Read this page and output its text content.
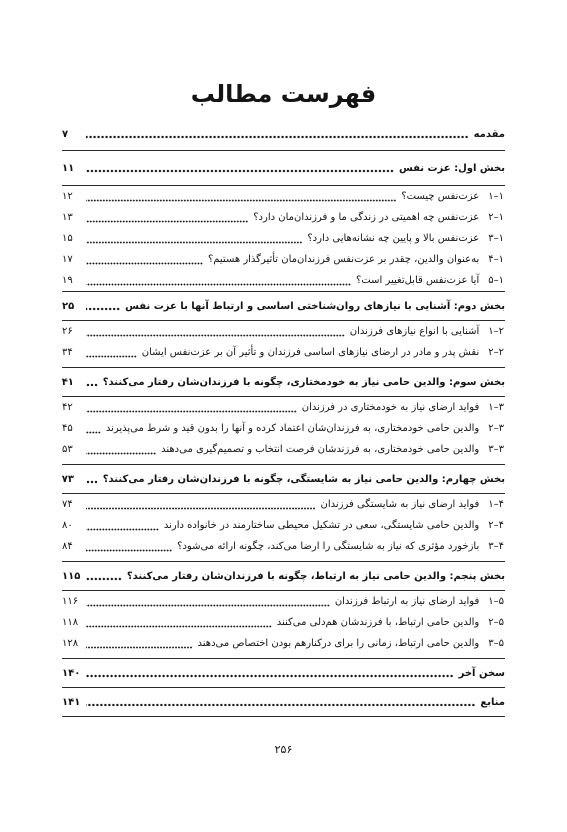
فهرست مطالب
مقدمه
۷
بخش اول: عزت نفس
۱۱
۱–۱
عزت‌نفس چیست؟
۱۲
۱–۲
عزت‌نفس چه اهمیتی در زندگی ما و فرزندان‌مان دارد؟
۱۳
۱–۳
عزت‌نفس بالا و پایین چه نشانه‌هایی دارد؟
۱۵
۱–۴
به‌عنوان والدین، چقدر بر عزت‌نفس فرزندان‌مان تأثیرگذار هستیم؟
۱۷
۱–۵
آیا عزت‌نفس قابل‌تغییر است؟
۱۹
بخش دوم: آشنایی با نیازهای روان‌شناختی اساسی و ارتباط آنها با عزت نفس
۲۵
۲–۱
آشنایی با انواع نیازهای فرزندان
۲۶
۲–۲
نقش پدر و مادر در ارضای نیازهای اساسی فرزندان و تأثیر آن بر عزت‌نفس ایشان
۳۴
بخش سوم: والدین حامی نیاز به خودمختاری، چگونه با فرزندان‌شان رفتار می‌کنند؟
۴۱
۳–۱
فواید ارضای نیاز به خودمختاری در فرزندان
۴۲
۳–۲
والدین حامی خودمختاری، به فرزندان‌شان اعتماد کرده و آنها را بدون قید و شرط می‌پذیرند
۴۵
۳–۳
والدین حامی خودمختاری، به فرزندشان فرصت انتخاب و تصمیم‌گیری می‌دهند
۵۳
بخش چهارم: والدین حامی نیاز به شایستگی، چگونه با فرزندان‌شان رفتار می‌کنند؟
۷۳
۴–۱
فواید ارضای نیاز به شایستگی فرزندان
۷۴
۴–۲
والدین حامی شایستگی، سعی در تشکیل محیطی ساختارمند در خانواده دارند
۸۰
۴–۳
بازخورد مؤثری که نیاز به شایستگی را ارضا می‌کند، چگونه ارائه می‌شود؟
۸۴
بخش پنجم: والدین حامی نیاز به ارتباط، چگونه با فرزندان‌شان رفتار می‌کنند؟
۱۱۵
۵–۱
فواید ارضای نیاز به ارتباط فرزندان
۱۱۶
۵–۲
والدین حامی ارتباط، با فرزندشان هم‌دلی می‌کنند
۱۱۸
۵–۳
والدین حامی ارتباط، زمانی را برای درکنارهم بودن اختصاص می‌دهند
۱۲۸
سخن آخر
۱۴۰
منابع
۱۴۱
۲۵۶
